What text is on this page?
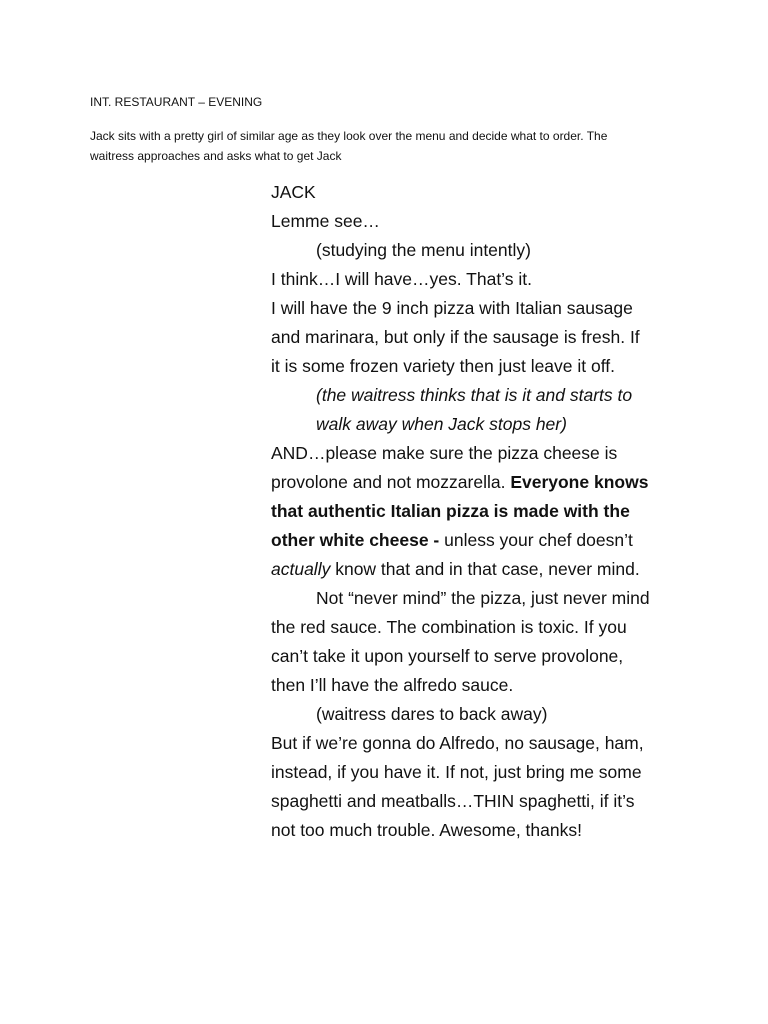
INT. RESTAURANT – EVENING
Jack sits with a pretty girl of similar age as they look over the menu and decide what to order. The
waitress approaches and asks what to get Jack
JACK
Lemme see…
(studying the menu intently)
I think…I will have…yes. That’s it.
I will have the 9 inch pizza with Italian sausage
and marinara, but only if the sausage is fresh. If
it is some frozen variety then just leave it off.
(the waitress thinks that is it and starts to
walk away when Jack stops her)
AND…please make sure the pizza cheese is
provolone and not mozzarella. Everyone knows
that authentic Italian pizza is made with the
other white cheese - unless your chef doesn’t
actually know that and in that case, never mind.
Not “never mind” the pizza, just never mind
the red sauce. The combination is toxic. If you
can’t take it upon yourself to serve provolone,
then I’ll have the alfredo sauce.
(waitress dares to back away)
But if we’re gonna do Alfredo, no sausage, ham,
instead, if you have it. If not, just bring me some
spaghetti and meatballs…THIN spaghetti, if it’s
not too much trouble. Awesome, thanks!
